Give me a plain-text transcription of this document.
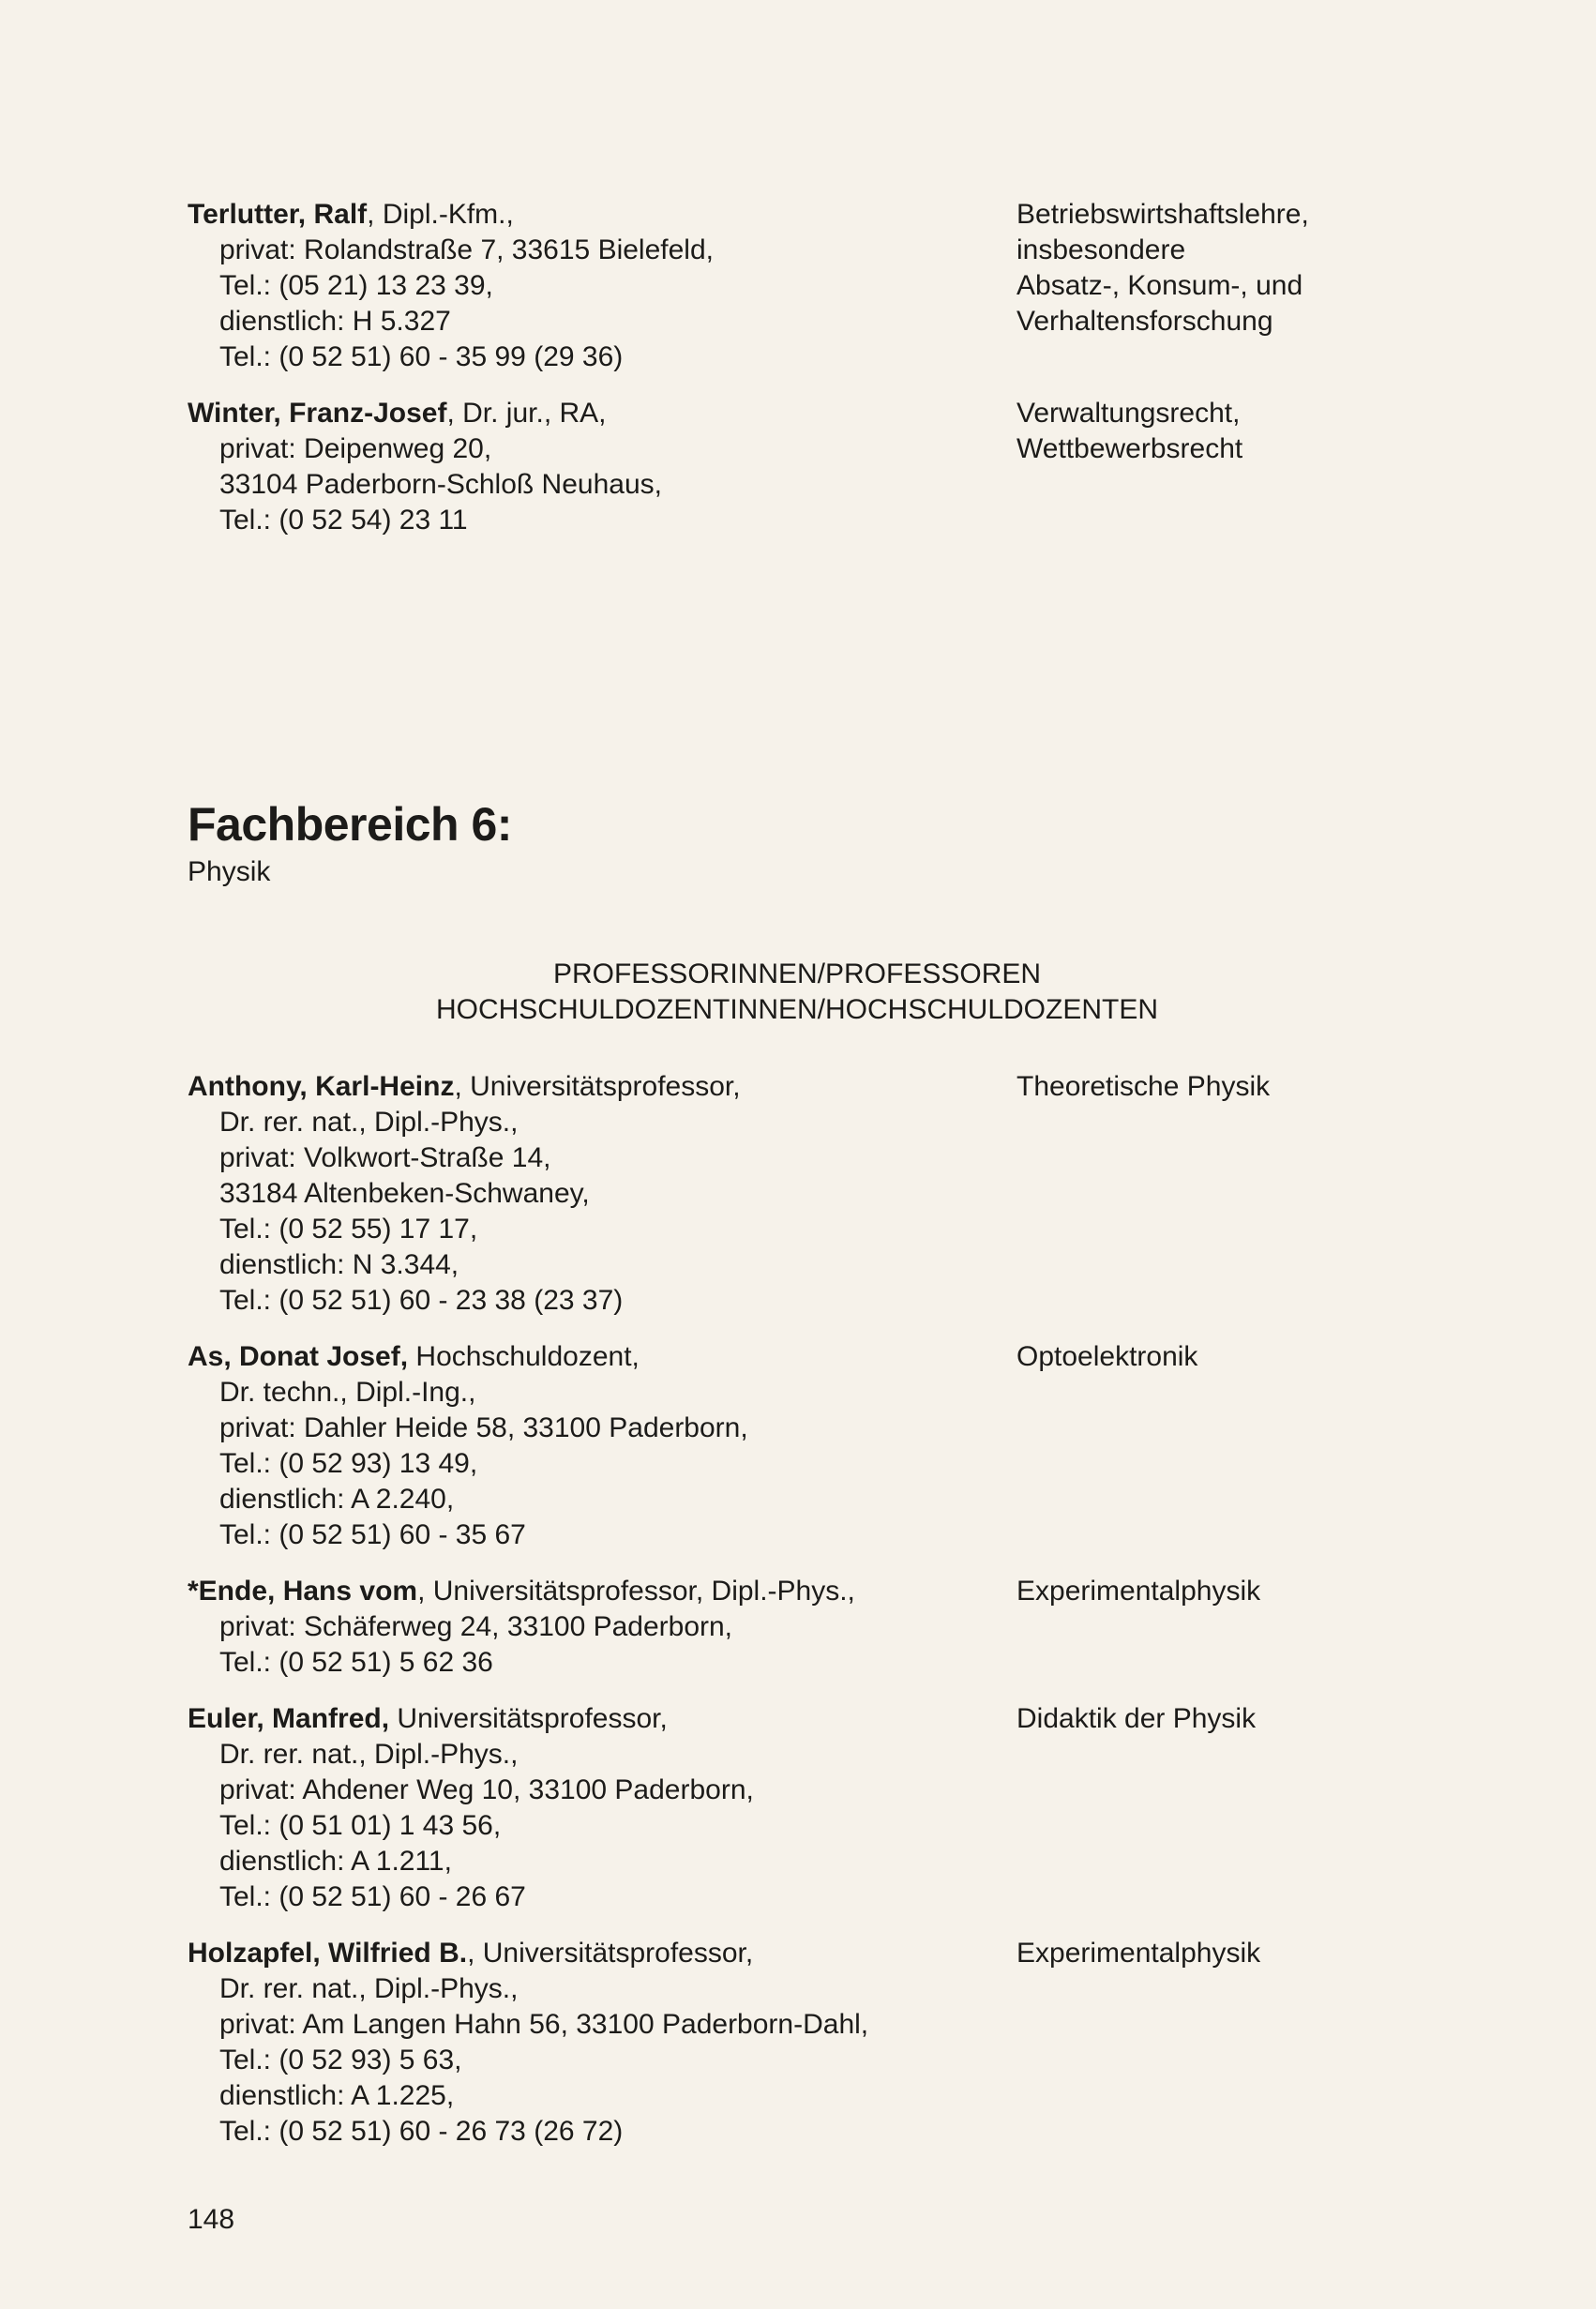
Terlutter, Ralf, Dipl.-Kfm.,
privat: Rolandstraße 7, 33615 Bielefeld,
Tel.: (05 21) 13 23 39,
dienstlich: H 5.327
Tel.: (0 52 51) 60 - 35 99 (29 36)
Betriebswirtshaftslehre,
insbesondere
Absatz-, Konsum-, und
Verhaltensforschung
Winter, Franz-Josef, Dr. jur., RA,
privat: Deipenweg 20,
33104 Paderborn-Schloß Neuhaus,
Tel.: (0 52 54) 23 11
Verwaltungsrecht,
Wettbewerbsrecht
Fachbereich 6:
Physik
PROFESSORINNEN/PROFESSOREN
HOCHSCHULDOZENTINNEN/HOCHSCHULDOZENTEN
Anthony, Karl-Heinz, Universitätsprofessor,
Dr. rer. nat., Dipl.-Phys.,
privat: Volkwort-Straße 14,
33184 Altenbeken-Schwaney,
Tel.: (0 52 55) 17 17,
dienstlich: N 3.344,
Tel.: (0 52 51) 60 - 23 38 (23 37)
Theoretische Physik
As, Donat Josef, Hochschuldozent,
Dr. techn., Dipl.-Ing.,
privat: Dahler Heide 58, 33100 Paderborn,
Tel.: (0 52 93) 13 49,
dienstlich: A 2.240,
Tel.: (0 52 51) 60 - 35 67
Optoelektronik
*Ende, Hans vom, Universitätsprofessor, Dipl.-Phys.,
privat: Schäferweg 24, 33100 Paderborn,
Tel.: (0 52 51) 5 62 36
Experimentalphysik
Euler, Manfred, Universitätsprofessor,
Dr. rer. nat., Dipl.-Phys.,
privat: Ahdener Weg 10, 33100 Paderborn,
Tel.: (0 51 01) 1 43 56,
dienstlich: A 1.211,
Tel.: (0 52 51) 60 - 26 67
Didaktik der Physik
Holzapfel, Wilfried B., Universitätsprofessor,
Dr. rer. nat., Dipl.-Phys.,
privat: Am Langen Hahn 56, 33100 Paderborn-Dahl,
Tel.: (0 52 93) 5 63,
dienstlich: A 1.225,
Tel.: (0 52 51) 60 - 26 73 (26 72)
Experimentalphysik
148
